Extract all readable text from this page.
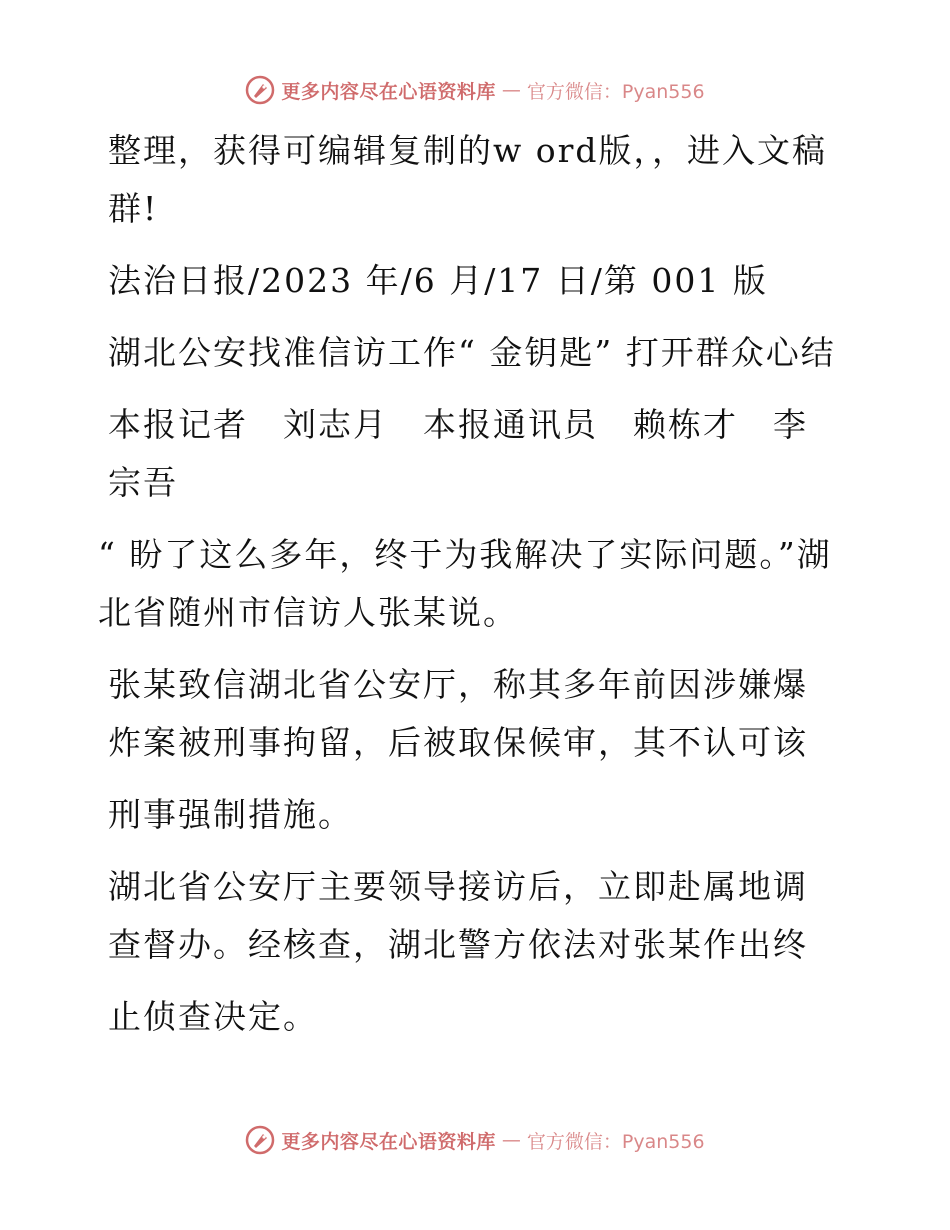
更多内容尽在心语资料库 — 官方微信：Pyan556

整理，获得可编辑复制的w ord版，，进入文稿群!

法治日报/2023 年/6 月/17 日/第 001 版

湖北公安找准信访工作“ 金钥匙” 打开群众心结

本报记者　刘志月　本报通讯员　赖栋才　李宗吾

“ 盼了这么多年，终于为我解决了实际问题。”湖北省随州市信访人张某说。

张某致信湖北省公安厅，称其多年前因涉嫌爆炸案被刑事拘留，后被取保候审，其不认可该

刑事强制措施。

湖北省公安厅主要领导接访后，立即赴属地调查督办。经核查，湖北警方依法对张某作出终

止侦查决定。

更多内容尽在心语资料库 — 官方微信：Pyan556
